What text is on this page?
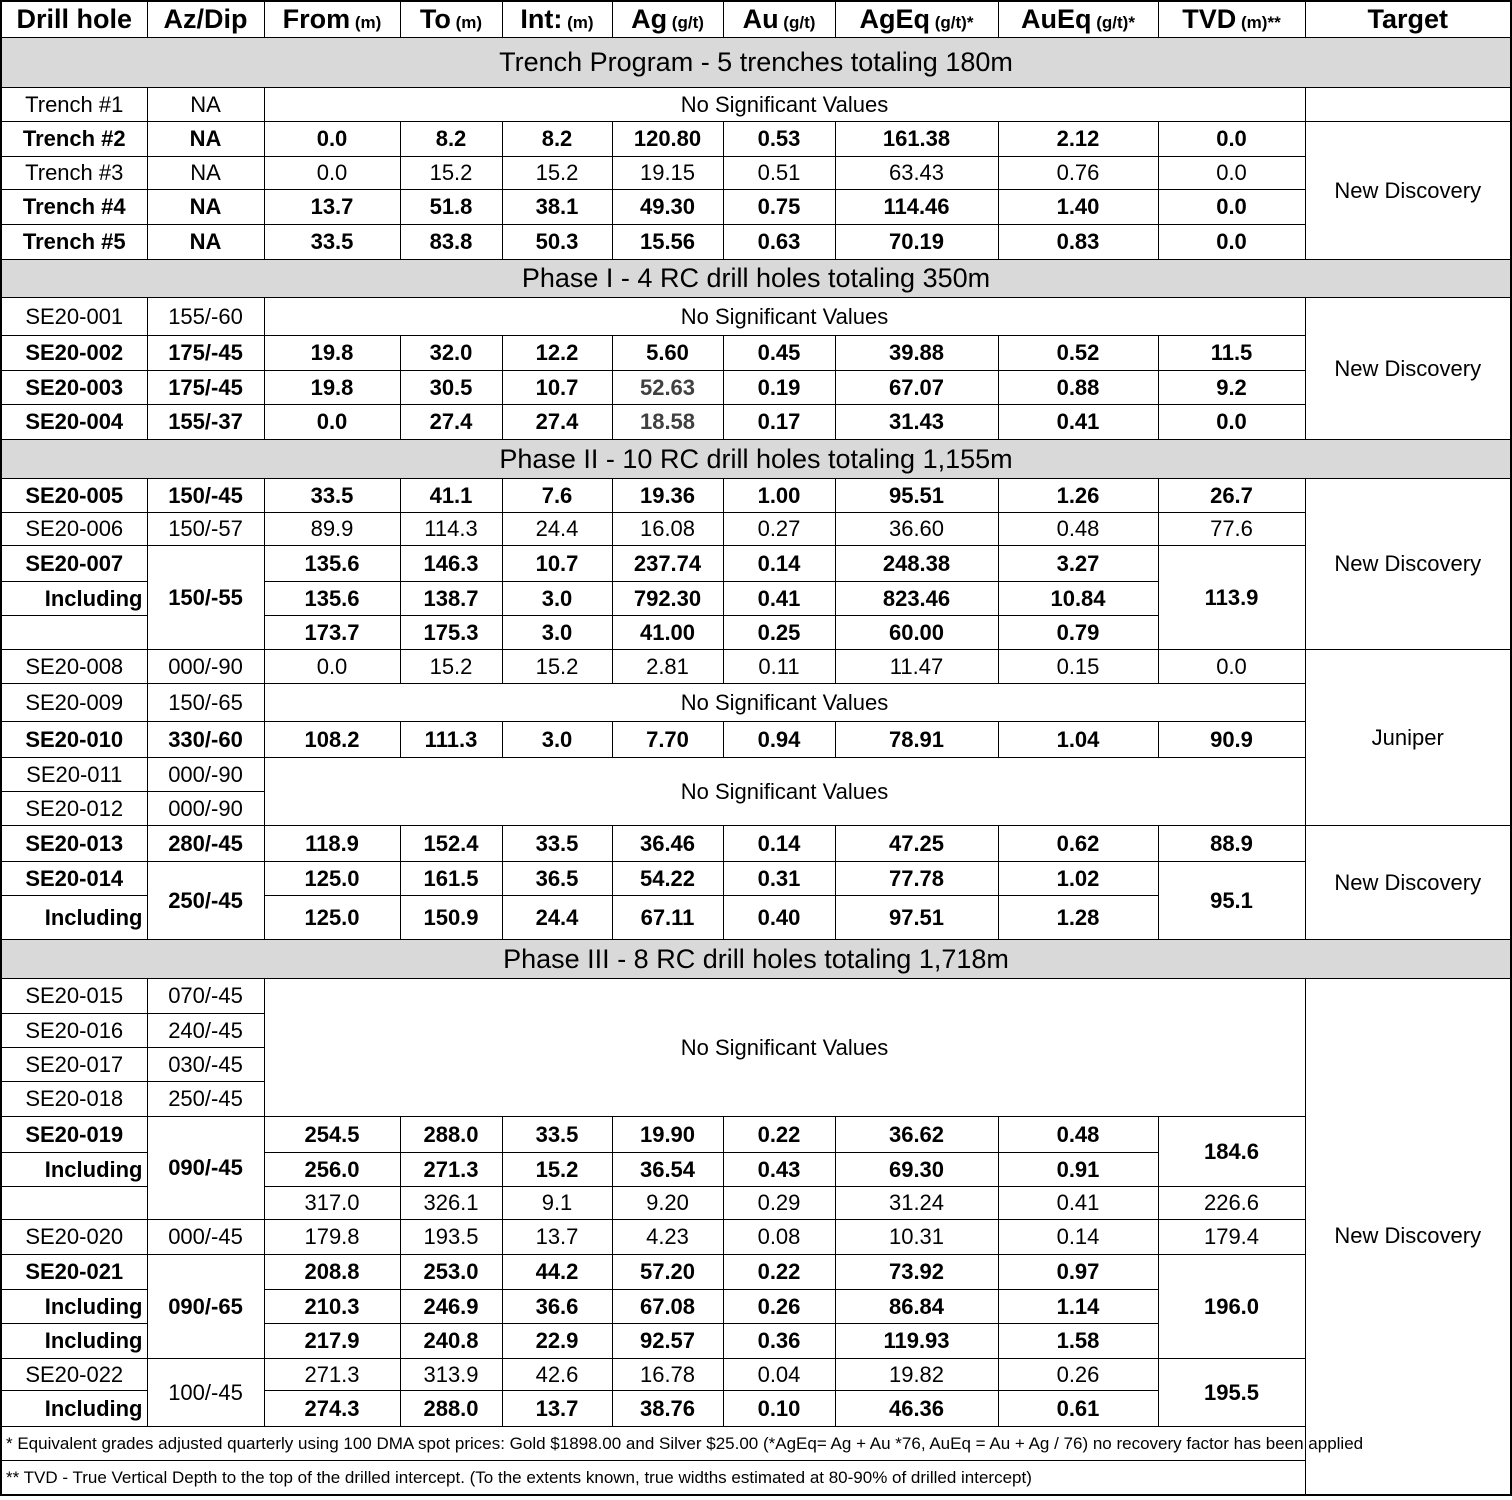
Drill hole	Az/Dip	From (m)	To (m)	Int: (m)	Ag (g/t)	Au (g/t)	AgEq (g/t)*	AuEq (g/t)*	TVD (m)**	Target
Trench Program - 5 trenches totaling 180m										
Trench #1	NA	No Significant Values								
Trench #2	NA	0.0	8.2	8.2	120.80	0.53	161.38	2.12	0.0	New Discovery
Trench #3	NA	0.0	15.2	15.2	19.15	0.51	63.43	0.76	0.0	
Trench #4	NA	13.7	51.8	38.1	49.30	0.75	114.46	1.40	0.0	
Trench #5	NA	33.5	83.8	50.3	15.56	0.63	70.19	0.83	0.0	
Phase I - 4 RC drill holes totaling 350m										
SE20-001	155/-60	No Significant Values								New Discovery
SE20-002	175/-45	19.8	32.0	12.2	5.60	0.45	39.88	0.52	11.5	
SE20-003	175/-45	19.8	30.5	10.7	52.63	0.19	67.07	0.88	9.2	
SE20-004	155/-37	0.0	27.4	27.4	18.58	0.17	31.43	0.41	0.0	
Phase II - 10 RC drill holes totaling 1,155m										
SE20-005	150/-45	33.5	41.1	7.6	19.36	1.00	95.51	1.26	26.7	New Discovery
SE20-006	150/-57	89.9	114.3	24.4	16.08	0.27	36.60	0.48	77.6	
SE20-007	150/-55	135.6	146.3	10.7	237.74	0.14	248.38	3.27	113.9	
Including		135.6	138.7	3.0	792.30	0.41	823.46	10.84		
		173.7	175.3	3.0	41.00	0.25	60.00	0.79		
SE20-008	000/-90	0.0	15.2	15.2	2.81	0.11	11.47	0.15	0.0	Juniper
SE20-009	150/-65	No Significant Values								
SE20-010	330/-60	108.2	111.3	3.0	7.70	0.94	78.91	1.04	90.9	
SE20-011	000/-90	No Significant Values								
SE20-012	000/-90									
SE20-013	280/-45	118.9	152.4	33.5	36.46	0.14	47.25	0.62	88.9	New Discovery
SE20-014	250/-45	125.0	161.5	36.5	54.22	0.31	77.78	1.02	95.1	
Including		125.0	150.9	24.4	67.11	0.40	97.51	1.28		
Phase III - 8 RC drill holes totaling 1,718m										
SE20-015	070/-45	No Significant Values								New Discovery
SE20-016	240/-45									
SE20-017	030/-45									
SE20-018	250/-45									
SE20-019	090/-45	254.5	288.0	33.5	19.90	0.22	36.62	0.48	184.6	
Including		256.0	271.3	15.2	36.54	0.43	69.30	0.91		
		317.0	326.1	9.1	9.20	0.29	31.24	0.41	226.6	
SE20-020	000/-45	179.8	193.5	13.7	4.23	0.08	10.31	0.14	179.4	
SE20-021	090/-65	208.8	253.0	44.2	57.20	0.22	73.92	0.97	196.0	
Including		210.3	246.9	36.6	67.08	0.26	86.84	1.14		
Including		217.9	240.8	22.9	92.57	0.36	119.93	1.58		
SE20-022	100/-45	271.3	313.9	42.6	16.78	0.04	19.82	0.26	195.5	
Including		274.3	288.0	13.7	38.76	0.10	46.36	0.61		
* Equivalent grades adjusted quarterly using 100 DMA spot prices: Gold $1898.00 and Silver $25.00 (*AgEq= Ag + Au *76, AuEq = Au + Ag / 76) no recovery factor has been applied										
** TVD - True Vertical Depth to the top of the drilled intercept. (To the extents known, true widths estimated at 80-90% of drilled intercept)										
